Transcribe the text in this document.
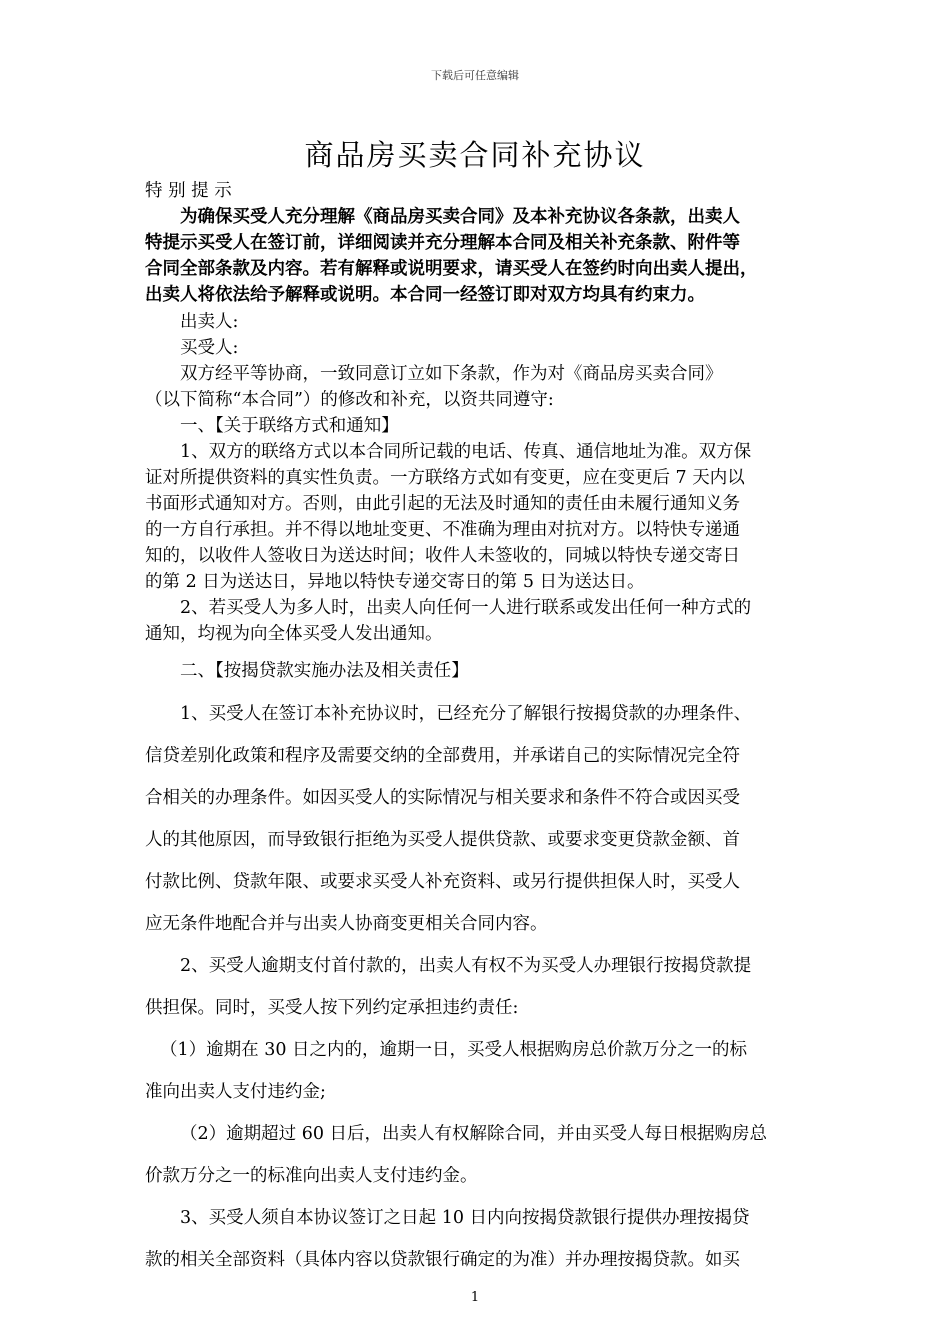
下载后可任意编辑
商品房买卖合同补充协议
特 别 提 示
为确保买受人充分理解《商品房买卖合同》及本补充协议各条款，出卖人
特提示买受人在签订前，详细阅读并充分理解本合同及相关补充条款、附件等
合同全部条款及内容。若有解释或说明要求，请买受人在签约时向出卖人提出，
出卖人将依法给予解释或说明。本合同一经签订即对双方均具有约束力。
出卖人:
买受人:
双方经平等协商，一致同意订立如下条款，作为对《商品房买卖合同》
（以下简称“本合同”）的修改和补充，以资共同遵守:
一、【关于联络方式和通知】
1、双方的联络方式以本合同所记载的电话、传真、通信地址为准。双方保
证对所提供资料的真实性负责。一方联络方式如有变更，应在变更后 7 天内以
书面形式通知对方。否则，由此引起的无法及时通知的责任由未履行通知义务
的一方自行承担。并不得以地址变更、不准确为理由对抗对方。以特快专递通
知的，以收件人签收日为送达时间；收件人未签收的，同城以特快专递交寄日
的第 2 日为送达日，异地以特快专递交寄日的第 5 日为送达日。
2、若买受人为多人时，出卖人向任何一人进行联系或发出任何一种方式的
通知，均视为向全体买受人发出通知。
二、【按揭贷款实施办法及相关责任】
1、买受人在签订本补充协议时，已经充分了解银行按揭贷款的办理条件、
信贷差别化政策和程序及需要交纳的全部费用，并承诺自己的实际情况完全符
合相关的办理条件。如因买受人的实际情况与相关要求和条件不符合或因买受
人的其他原因，而导致银行拒绝为买受人提供贷款、或要求变更贷款金额、首
付款比例、贷款年限、或要求买受人补充资料、或另行提供担保人时，买受人
应无条件地配合并与出卖人协商变更相关合同内容。
2、买受人逾期支付首付款的，出卖人有权不为买受人办理银行按揭贷款提
供担保。同时，买受人按下列约定承担违约责任:
（1）逾期在 30 日之内的，逾期一日，买受人根据购房总价款万分之一的标
准向出卖人支付违约金;
（2）逾期超过 60 日后，出卖人有权解除合同，并由买受人每日根据购房总
价款万分之一的标准向出卖人支付违约金。
3、买受人须自本协议签订之日起 10 日内向按揭贷款银行提供办理按揭贷
款的相关全部资料（具体内容以贷款银行确定的为准）并办理按揭贷款。如买
1
